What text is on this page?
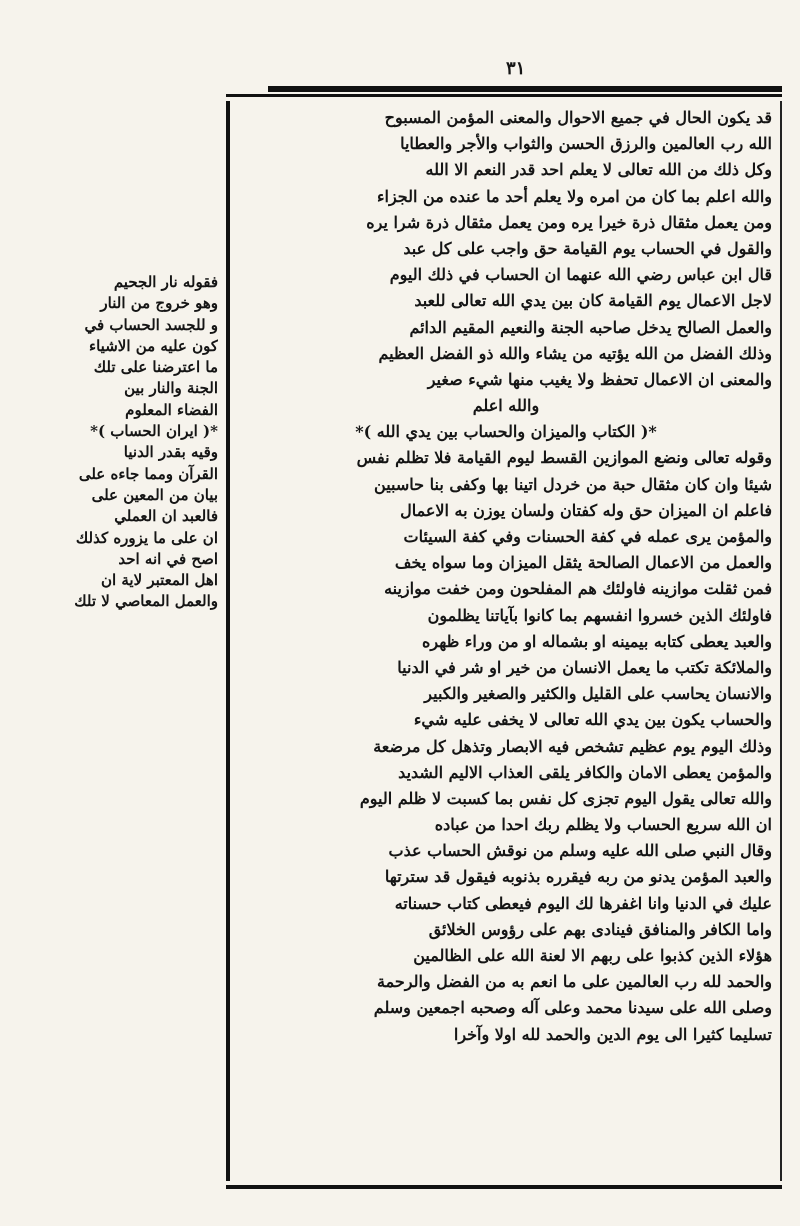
٣١
فقوله نار الجحيم
وهو خروج من النار
و للجسد الحساب في
كون عليه من الاشياء
ما اعترضنا على تلك
الجنة والنار بين
الفضاء المعلوم
*( ايران الحساب )*
وقيه بقدر الدنيا
القرآن ومما جاءه على
بيان من المعين على
فالعبد ان العملي
ان على ما يزوره كذلك
اصح في انه احد
اهل المعتبر لاية ان
والعمل المعاصي لا تلك
قد يكون الحال في جميع الاحوال والمعنى المؤمن المسبوح
الله رب العالمين والرزق الحسن والثواب والأجر والعطايا
وكل ذلك من الله تعالى لا يعلم احد قدر النعم الا الله
والله اعلم بما كان من امره ولا يعلم أحد ما عنده من الجزاء
ومن يعمل مثقال ذرة خيرا يره ومن يعمل مثقال ذرة شرا يره
والقول في الحساب يوم القيامة حق واجب على كل عبد
قال ابن عباس رضي الله عنهما ان الحساب في ذلك اليوم
لاجل الاعمال يوم القيامة كان بين يدي الله تعالى للعبد
والعمل الصالح يدخل صاحبه الجنة والنعيم المقيم الدائم
وذلك الفضل من الله يؤتيه من يشاء والله ذو الفضل العظيم
والمعنى ان الاعمال تحفظ ولا يغيب منها شيء صغير
والله اعلم
*( الكتاب والميزان والحساب بين يدي الله )*
وقوله تعالى ونضع الموازين القسط ليوم القيامة فلا تظلم نفس
شيئا وان كان مثقال حبة من خردل اتينا بها وكفى بنا حاسبين
فاعلم ان الميزان حق وله كفتان ولسان يوزن به الاعمال
والمؤمن يرى عمله في كفة الحسنات وفي كفة السيئات
والعمل من الاعمال الصالحة يثقل الميزان وما سواه يخف
فمن ثقلت موازينه فاولئك هم المفلحون ومن خفت موازينه
فاولئك الذين خسروا انفسهم بما كانوا بآياتنا يظلمون
والعبد يعطى كتابه بيمينه او بشماله او من وراء ظهره
والملائكة تكتب ما يعمل الانسان من خير او شر في الدنيا
والانسان يحاسب على القليل والكثير والصغير والكبير
والحساب يكون بين يدي الله تعالى لا يخفى عليه شيء
وذلك اليوم يوم عظيم تشخص فيه الابصار وتذهل كل مرضعة
والمؤمن يعطى الامان والكافر يلقى العذاب الاليم الشديد
والله تعالى يقول اليوم تجزى كل نفس بما كسبت لا ظلم اليوم
ان الله سريع الحساب ولا يظلم ربك احدا من عباده
وقال النبي صلى الله عليه وسلم من نوقش الحساب عذب
والعبد المؤمن يدنو من ربه فيقرره بذنوبه فيقول قد سترتها
عليك في الدنيا وانا اغفرها لك اليوم فيعطى كتاب حسناته
واما الكافر والمنافق فينادى بهم على رؤوس الخلائق
هؤلاء الذين كذبوا على ربهم الا لعنة الله على الظالمين
والحمد لله رب العالمين على ما انعم به من الفضل والرحمة
وصلى الله على سيدنا محمد وعلى آله وصحبه اجمعين وسلم
تسليما كثيرا الى يوم الدين والحمد لله اولا وآخرا
